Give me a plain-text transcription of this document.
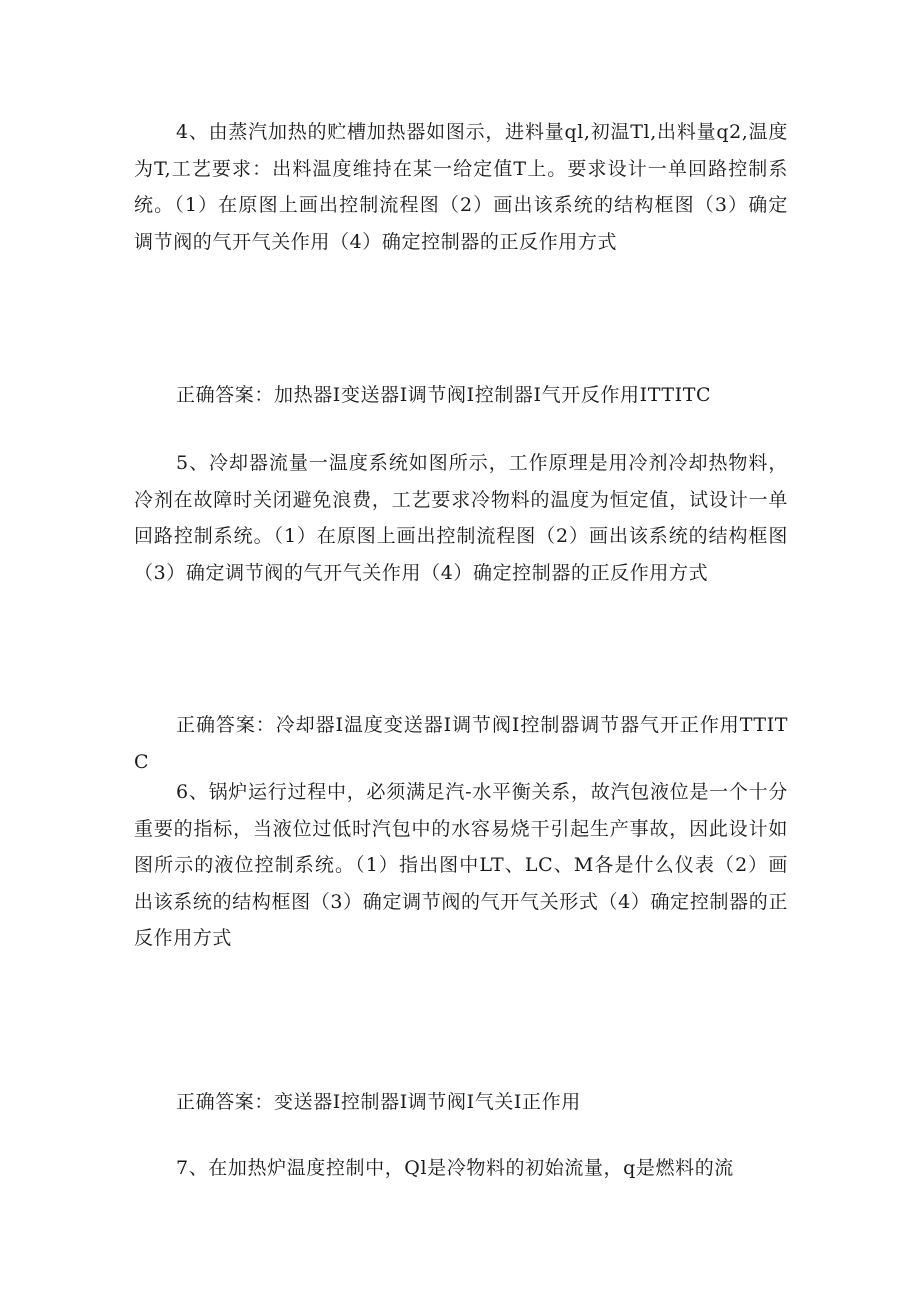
4、由蒸汽加热的贮槽加热器如图示，进料量ql,初温Tl,出料量q2,温度为T,工艺要求：出料温度维持在某一给定值T上。要求设计一单回路控制系统。（1）在原图上画出控制流程图（2）画出该系统的结构框图（3）确定调节阀的气开气关作用（4）确定控制器的正反作用方式

正确答案：加热器I变送器I调节阀I控制器I气开反作用ITTITC

5、冷却器流量一温度系统如图所示，工作原理是用冷剂冷却热物料，冷剂在故障时关闭避免浪费，工艺要求冷物料的温度为恒定值，试设计一单回路控制系统。（1）在原图上画出控制流程图（2）画出该系统的结构框图（3）确定调节阀的气开气关作用（4）确定控制器的正反作用方式

正确答案：冷却器I温度变送器I调节阀I控制器调节器气开正作用TTITC

6、锅炉运行过程中，必须满足汽-水平衡关系，故汽包液位是一个十分重要的指标，当液位过低时汽包中的水容易烧干引起生产事故，因此设计如图所示的液位控制系统。（1）指出图中LT、LC、M各是什么仪表（2）画出该系统的结构框图（3）确定调节阀的气开气关形式（4）确定控制器的正反作用方式

正确答案：变送器I控制器I调节阀I气关I正作用

7、在加热炉温度控制中，Ql是冷物料的初始流量，q是燃料的流
